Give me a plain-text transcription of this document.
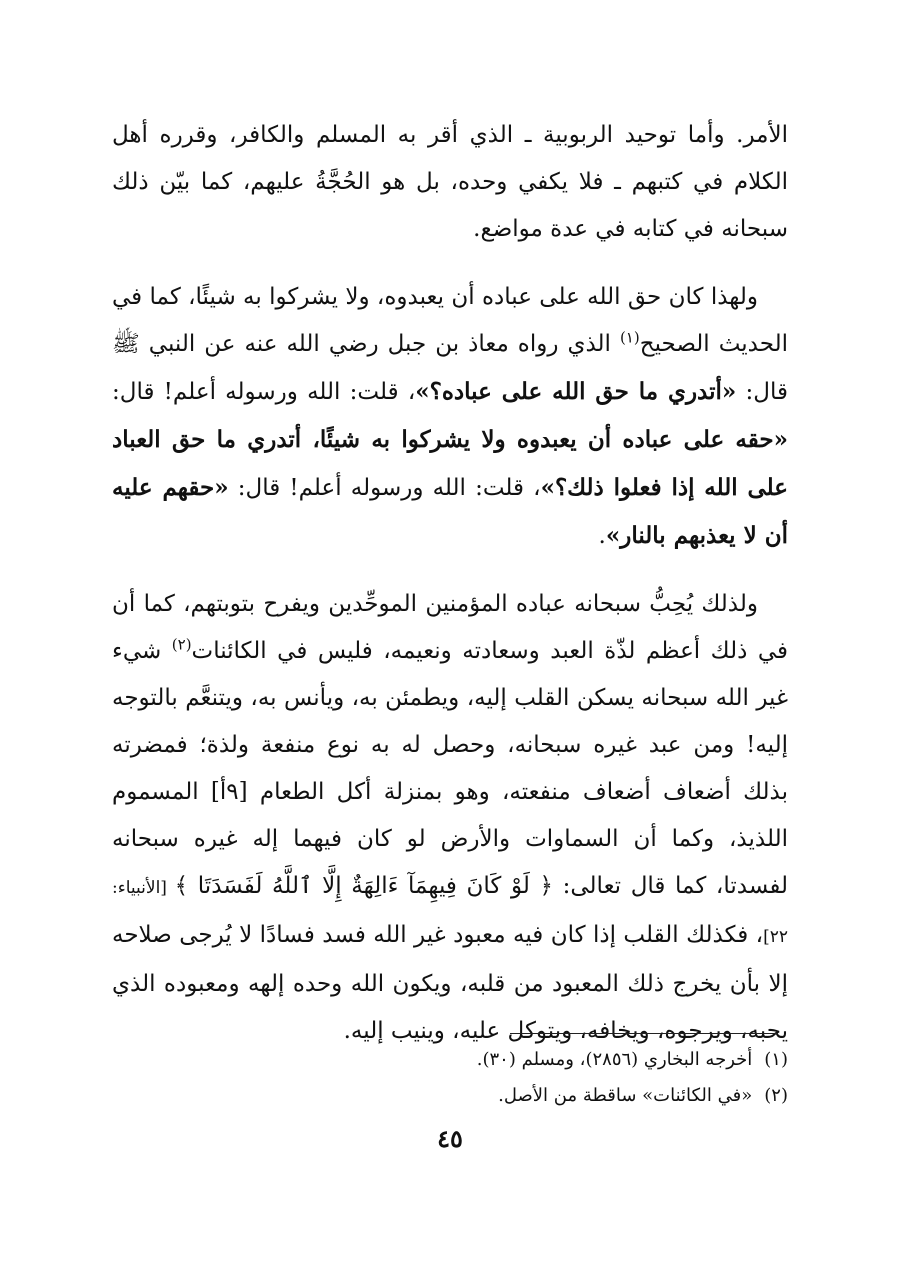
الأمر. وأما توحيد الربوبية ـ الذي أقر به المسلم والكافر، وقرره أهل الكلام في كتبهم ـ فلا يكفي وحده، بل هو الحُجَّةُ عليهم، كما بيّن ذلك سبحانه في كتابه في عدة مواضع.

ولهذا كان حق الله على عباده أن يعبدوه، ولا يشركوا به شيئًا، كما في الحديث الصحيح$^{(١)}$ الذي رواه معاذ بن جبل رضي الله عنه عن النبي ﷺ قال: «أتدري ما حق الله على عباده؟»، قلت: الله ورسوله أعلم! قال: «حقه على عباده أن يعبدوه ولا يشركوا به شيئًا، أتدري ما حق العباد على الله إذا فعلوا ذلك؟»، قلت: الله ورسوله أعلم! قال: «حقهم عليه أن لا يعذبهم بالنار».

ولذلك يُحِبُّ سبحانه عباده المؤمنين الموحِّدين ويفرح بتوبتهم، كما أن في ذلك أعظم لذّة العبد وسعادته ونعيمه، فليس في الكائنات$^{(٢)}$ شيء غير الله سبحانه يسكن القلب إليه، ويطمئن به، ويأنس به، ويتنعَّم بالتوجه إليه! ومن عبد غيره سبحانه، وحصل له به نوع منفعة ولذة؛ فمضرته بذلك أضعاف أضعاف منفعته، وهو بمنزلة أكل الطعام [٩أ] المسموم اللذيذ، وكما أن السماوات والأرض لو كان فيهما إله غيره سبحانه لفسدتا، كما قال تعالى: ﴿ لَوْ كَانَ فِيهِمَآ ءَالِهَةٌ إِلَّا ٱللَّهُ لَفَسَدَتَا ﴾ [الأنبياء: ٢٢]، فكذلك القلب إذا كان فيه معبود غير الله فسد فسادًا لا يُرجى صلاحه إلا بأن يخرج ذلك المعبود من قلبه، ويكون الله وحده إلهه ومعبوده الذي يحبه، ويرجوه، ويخافه، ويتوكل عليه، وينيب إليه.

(١)أخرجه البخاري (٢٨٥٦)، ومسلم (٣٠).

(٢)«في الكائنات» ساقطة من الأصل.

٤٥
